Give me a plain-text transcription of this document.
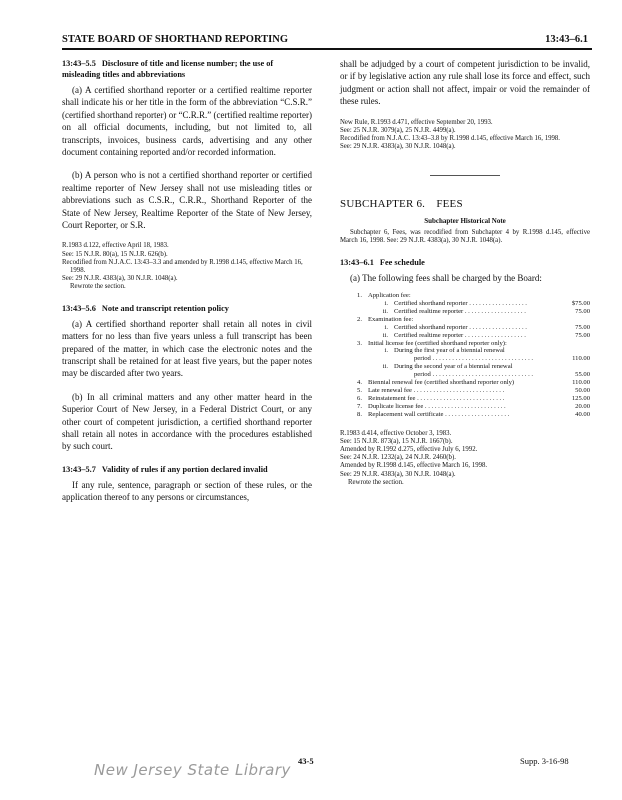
STATE BOARD OF SHORTHAND REPORTING	13:43–6.1
13:43–5.5 Disclosure of title and license number; the use of misleading titles and abbreviations

(a) A certified shorthand reporter or a certified realtime reporter shall indicate his or her title in the form of the abbreviation “C.S.R.” (certified shorthand reporter) or “C.R.R.” (certified realtime reporter) on all official documents, including, but not limited to, all transcripts, invoices, business cards, advertising and any other document containing reported and/or recorded information.

(b) A person who is not a certified shorthand reporter or certified realtime reporter of New Jersey shall not use misleading titles or abbreviations such as C.S.R., C.R.R., Shorthand Reporter of the State of New Jersey, Realtime Reporter of the State of New Jersey, Court Reporter, or S.R.

R.1983 d.122, effective April 18, 1983.

See: 15 N.J.R. 80(a), 15 N.J.R. 626(b).

Recodified from N.J.A.C. 13:43–3.3 and amended by R.1998 d.145, effective March 16, 1998.

See: 29 N.J.R. 4383(a), 30 N.J.R. 1048(a).

Rewrote the section.

13:43–5.6 Note and transcript retention policy

(a) A certified shorthand reporter shall retain all notes in civil matters for no less than five years unless a full transcript has been prepared of the matter, in which case the electronic notes and the transcript shall be retained for at least five years, but the paper notes may be discarded after two years.

(b) In all criminal matters and any other matter heard in the Superior Court of New Jersey, in a Federal District Court, or any other court of competent jurisdiction, a certified shorthand reporter shall retain all notes in accordance with the procedures established by such court.

13:43–5.7 Validity of rules if any portion declared invalid

If any rule, sentence, paragraph or section of these rules, or the application thereof to any persons or circumstances,

shall be adjudged by a court of competent jurisdiction to be invalid, or if by legislative action any rule shall lose its force and effect, such judgment or action shall not affect, impair or void the remainder of these rules.

New Rule, R.1993 d.471, effective September 20, 1993.

See: 25 N.J.R. 3079(a), 25 N.J.R. 4499(a).

Recodified from N.J.A.C. 13:43–3.8 by R.1998 d.145, effective March 16, 1998.

See: 29 N.J.R. 4383(a), 30 N.J.R. 1048(a).

SUBCHAPTER 6. FEES
Subchapter Historical Note

Subchapter 6, Fees, was recodified from Subchapter 4 by R.1998 d.145, effective March 16, 1998. See: 29 N.J.R. 4383(a), 30 N.J.R. 1048(a).

13:43–6.1 Fee schedule

(a) The following fees shall be charged by the Board:

1. Application fee:
i. Certified shorthand reporter . . . . . . . . . . . . . . . . . .	$75.00
ii. Certified realtime reporter . . . . . . . . . . . . . . . . . . .	75.00
2. Examination fee:
i. Certified shorthand reporter . . . . . . . . . . . . . . . . . .	75.00
ii. Certified realtime reporter . . . . . . . . . . . . . . . . . . .	75.00
3. Initial license fee (certified shorthand reporter only):
i. During the first year of a biennial renewal
period . . . . . . . . . . . . . . . . . . . . . . . . . . . . . . .	110.00
ii. During the second year of a biennial renewal
period . . . . . . . . . . . . . . . . . . . . . . . . . . . . . . .	55.00
4. Biennial renewal fee (certified shorthand reporter only)	110.00
5. Late renewal fee . . . . . . . . . . . . . . . . . . . . . . . . . . . .	50.00
6. Reinstatement fee . . . . . . . . . . . . . . . . . . . . . . . . . . .	125.00
7. Duplicate license fee . . . . . . . . . . . . . . . . . . . . . . . . .	20.00
8. Replacement wall certificate . . . . . . . . . . . . . . . . . . . .	40.00

R.1983 d.414, effective October 3, 1983.

See: 15 N.J.R. 873(a), 15 N.J.R. 1667(b).

Amended by R.1992 d.275, effective July 6, 1992.

See: 24 N.J.R. 1232(a), 24 N.J.R. 2460(b).

Amended by R.1998 d.145, effective March 16, 1998.

See: 29 N.J.R. 4383(a), 30 N.J.R. 1048(a).

Rewrote the section.

New Jersey State Library 43-5	Supp. 3-16-98
